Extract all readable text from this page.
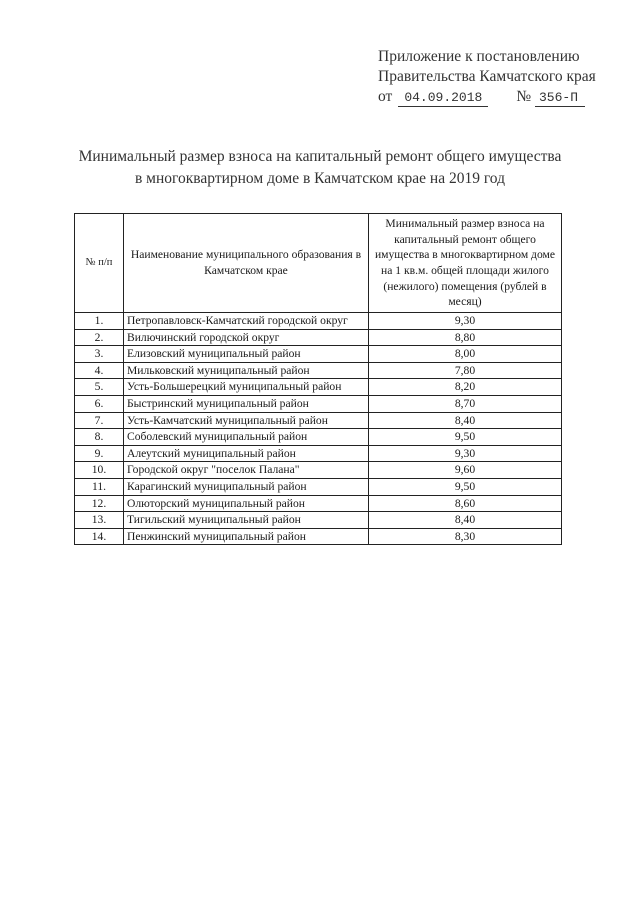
Приложение к постановлению
Правительства Камчатского края
от 04.09.2018 № 356-П
Минимальный размер взноса на капитальный ремонт общего имущества
в многоквартирном доме в Камчатском крае на 2019 год
№ п/п	Наименование муниципального образования в Камчатском крае	Минимальный размер взноса на капитальный ремонт общего имущества в многоквартирном доме на 1 кв.м. общей площади жилого (нежилого) помещения (рублей в месяц)
1.	Петропавловск-Камчатский городской округ	9,30
2.	Вилючинский городской округ	8,80
3.	Елизовский муниципальный район	8,00
4.	Мильковский муниципальный район	7,80
5.	Усть-Большерецкий муниципальный район	8,20
6.	Быстринский муниципальный район	8,70
7.	Усть-Камчатский муниципальный район	8,40
8.	Соболевский муниципальный район	9,50
9.	Алеутский муниципальный район	9,30
10.	Городской округ "поселок Палана"	9,60
11.	Карагинский муниципальный район	9,50
12.	Олюторский муниципальный район	8,60
13.	Тигильский муниципальный район	8,40
14.	Пенжинский муниципальный район	8,30
